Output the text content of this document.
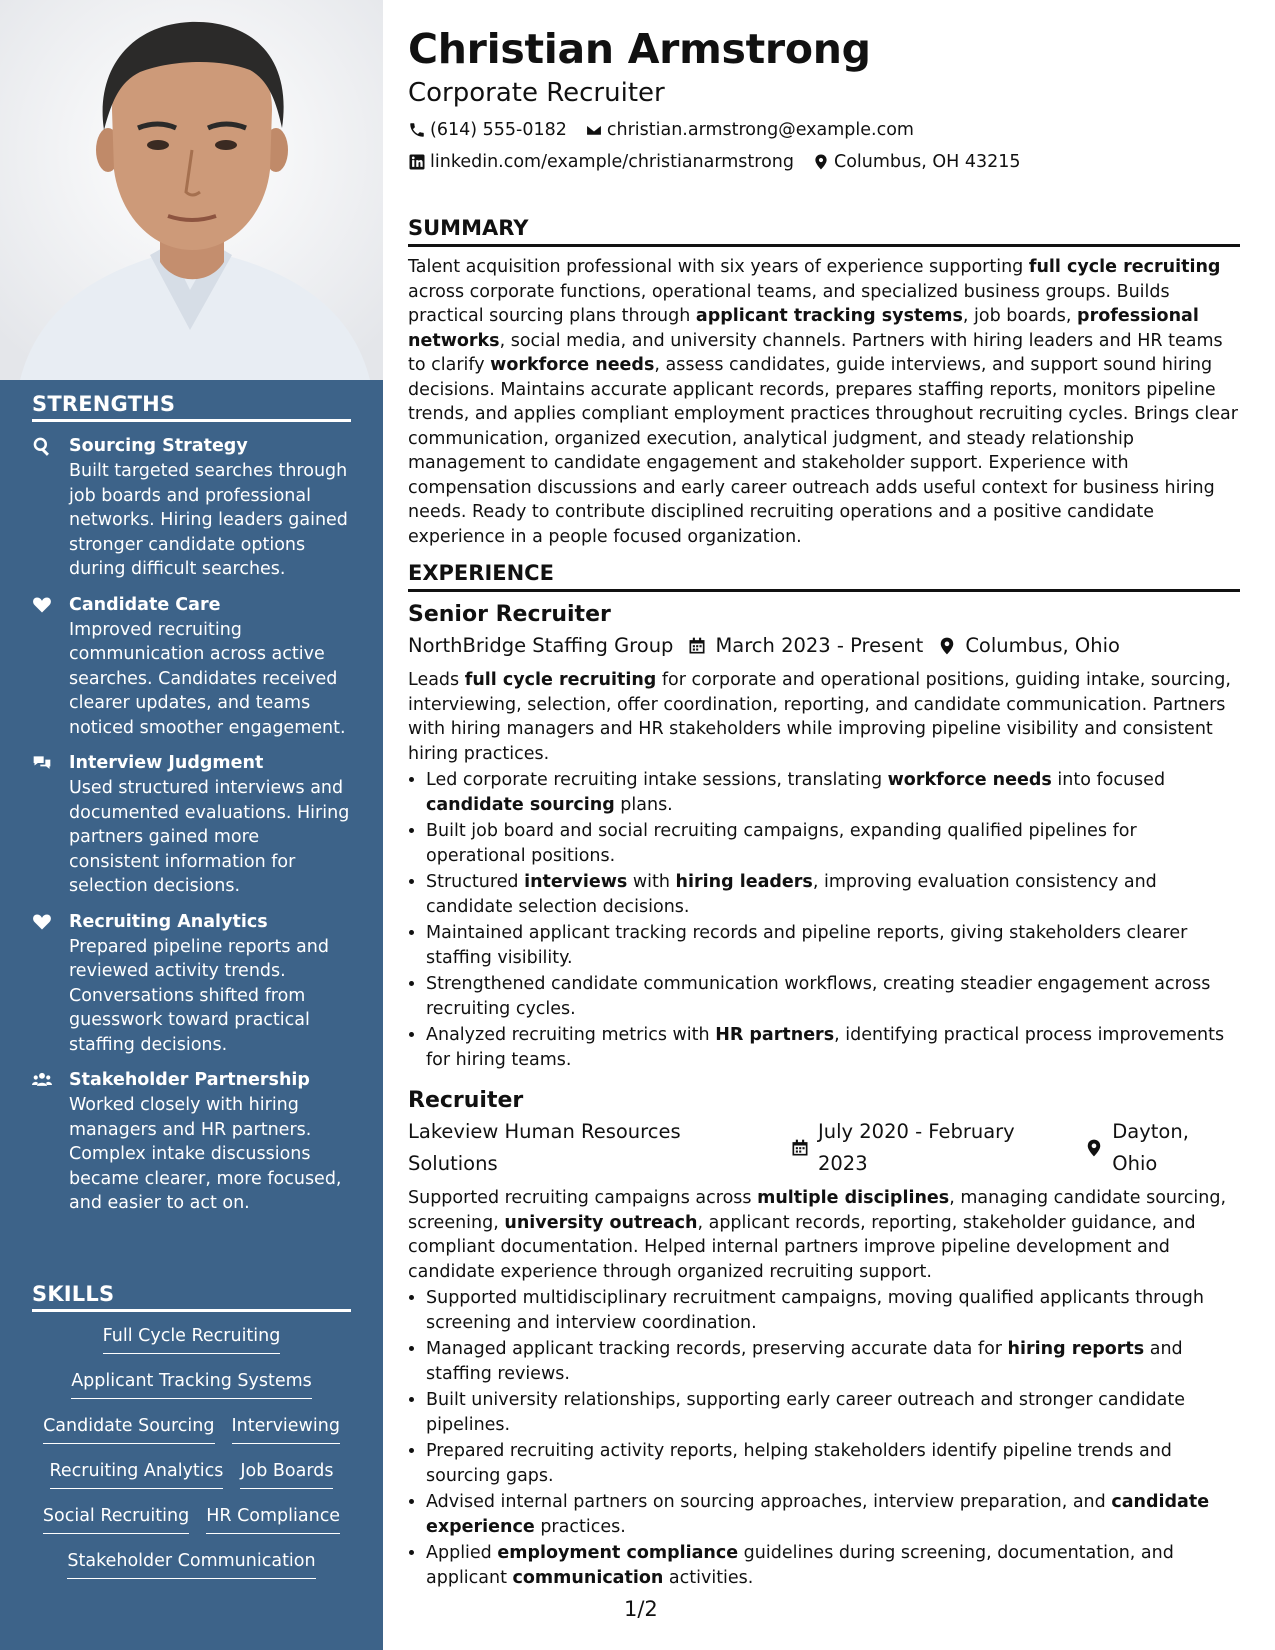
STRENGTHS
Sourcing Strategy
Built targeted searches through job boards and professional networks. Hiring leaders gained stronger candidate options during difficult searches.
Candidate Care
Improved recruiting communication across active searches. Candidates received clearer updates, and teams noticed smoother engagement.
Interview Judgment
Used structured interviews and documented evaluations. Hiring partners gained more consistent information for selection decisions.
Recruiting Analytics
Prepared pipeline reports and reviewed activity trends. Conversations shifted from guesswork toward practical staffing decisions.
Stakeholder Partnership
Worked closely with hiring managers and HR partners. Complex intake discussions became clearer, more focused, and easier to act on.
SKILLS
Full Cycle Recruiting
Applicant Tracking Systems
Candidate Sourcing Interviewing
Recruiting Analytics Job Boards
Social Recruiting HR Compliance
Stakeholder Communication
Christian Armstrong
Corporate Recruiter
(614) 555-0182 christian.armstrong@example.com
linkedin.com/example/christianarmstrong Columbus, OH 43215
SUMMARY
Talent acquisition professional with six years of experience supporting full cycle recruiting across corporate functions, operational teams, and specialized business groups. Builds practical sourcing plans through applicant tracking systems, job boards, professional networks, social media, and university channels. Partners with hiring leaders and HR teams to clarify workforce needs, assess candidates, guide interviews, and support sound hiring decisions. Maintains accurate applicant records, prepares staffing reports, monitors pipeline trends, and applies compliant employment practices throughout recruiting cycles. Brings clear communication, organized execution, analytical judgment, and steady relationship management to candidate engagement and stakeholder support. Experience with compensation discussions and early career outreach adds useful context for business hiring needs. Ready to contribute disciplined recruiting operations and a positive candidate experience in a people focused organization.
EXPERIENCE
Senior Recruiter
NorthBridge Staffing Group March 2023 - Present Columbus, Ohio
Leads full cycle recruiting for corporate and operational positions, guiding intake, sourcing, interviewing, selection, offer coordination, reporting, and candidate communication. Partners with hiring managers and HR stakeholders while improving pipeline visibility and consistent hiring practices.
• Led corporate recruiting intake sessions, translating workforce needs into focused candidate sourcing plans.
• Built job board and social recruiting campaigns, expanding qualified pipelines for operational positions.
• Structured interviews with hiring leaders, improving evaluation consistency and candidate selection decisions.
• Maintained applicant tracking records and pipeline reports, giving stakeholders clearer staffing visibility.
• Strengthened candidate communication workflows, creating steadier engagement across recruiting cycles.
• Analyzed recruiting metrics with HR partners, identifying practical process improvements for hiring teams.
Recruiter
Lakeview Human Resources Solutions
July 2020 - February 2023
Dayton, Ohio
Supported recruiting campaigns across multiple disciplines, managing candidate sourcing, screening, university outreach, applicant records, reporting, stakeholder guidance, and compliant documentation. Helped internal partners improve pipeline development and candidate experience through organized recruiting support.
• Supported multidisciplinary recruitment campaigns, moving qualified applicants through screening and interview coordination.
• Managed applicant tracking records, preserving accurate data for hiring reports and staffing reviews.
• Built university relationships, supporting early career outreach and stronger candidate pipelines.
• Prepared recruiting activity reports, helping stakeholders identify pipeline trends and sourcing gaps.
• Advised internal partners on sourcing approaches, interview preparation, and candidate experience practices.
• Applied employment compliance guidelines during screening, documentation, and applicant communication activities.
1/2
